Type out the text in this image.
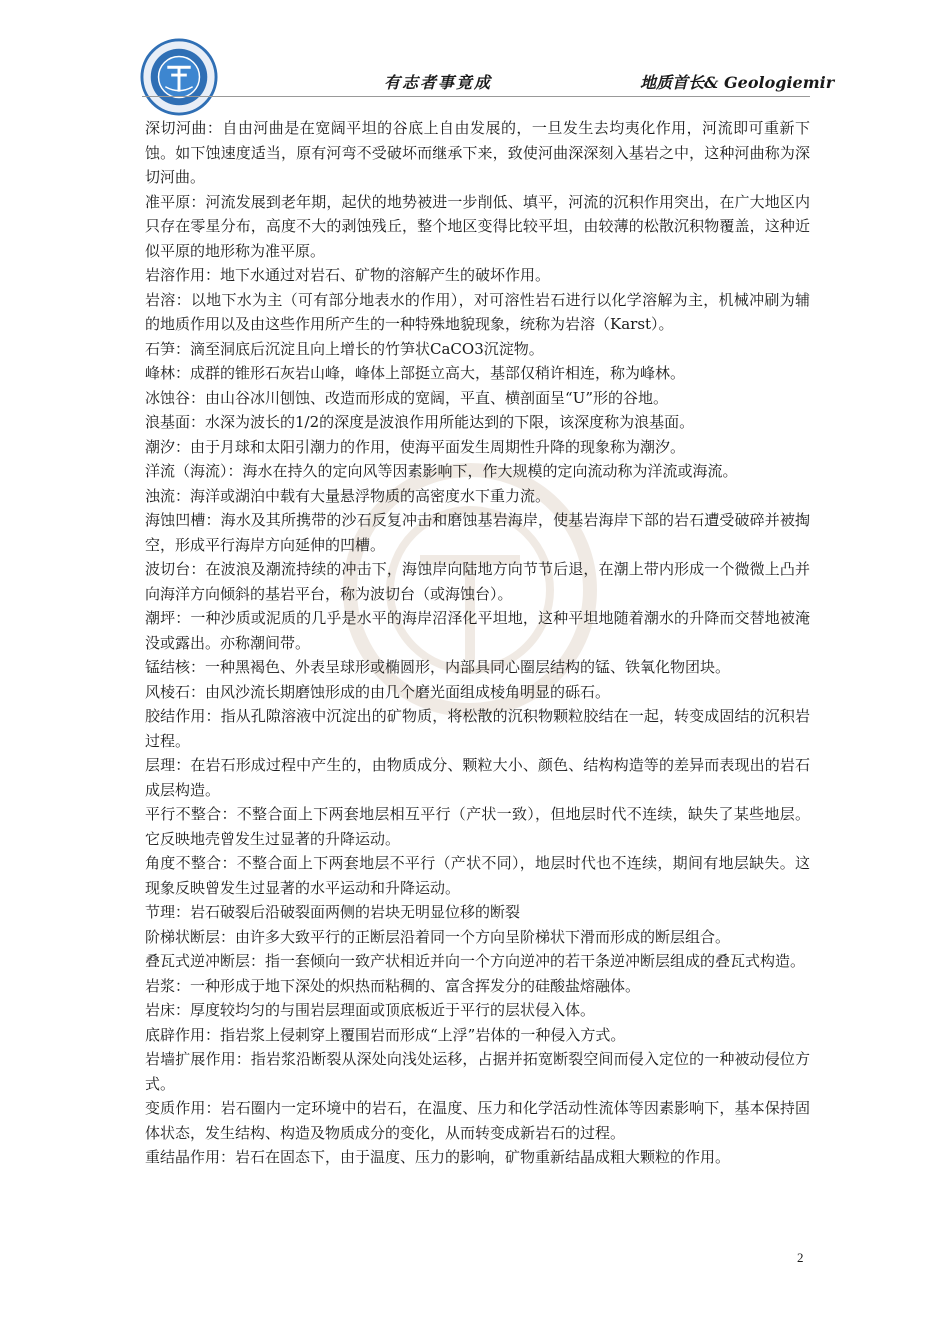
有志者事竟成	地质首长& Geologiemir

深切河曲：自由河曲是在宽阔平坦的谷底上自由发展的，一旦发生去均夷化作用，河流即可重新下蚀。如下蚀速度适当，原有河弯不受破坏而继承下来，致使河曲深深刻入基岩之中，这种河曲称为深切河曲。

准平原：河流发展到老年期，起伏的地势被进一步削低、填平，河流的沉积作用突出，在广大地区内只存在零星分布，高度不大的剥蚀残丘，整个地区变得比较平坦，由较薄的松散沉积物覆盖，这种近似平原的地形称为准平原。

岩溶作用：地下水通过对岩石、矿物的溶解产生的破坏作用。

岩溶：以地下水为主（可有部分地表水的作用），对可溶性岩石进行以化学溶解为主，机械冲刷为辅的地质作用以及由这些作用所产生的一种特殊地貌现象，统称为岩溶（Karst）。

石笋：滴至洞底后沉淀且向上增长的竹笋状CaCO3沉淀物。

峰林：成群的锥形石灰岩山峰，峰体上部挺立高大，基部仅稍许相连，称为峰林。

冰蚀谷：由山谷冰川刨蚀、改造而形成的宽阔，平直、横剖面呈“U”形的谷地。

浪基面：水深为波长的1/2的深度是波浪作用所能达到的下限，该深度称为浪基面。

潮汐：由于月球和太阳引潮力的作用，使海平面发生周期性升降的现象称为潮汐。

洋流（海流）：海水在持久的定向风等因素影响下，作大规模的定向流动称为洋流或海流。

浊流：海洋或湖泊中载有大量悬浮物质的高密度水下重力流。

海蚀凹槽：海水及其所携带的沙石反复冲击和磨蚀基岩海岸，使基岩海岸下部的岩石遭受破碎并被掏空，形成平行海岸方向延伸的凹槽。

波切台：在波浪及潮流持续的冲击下，海蚀岸向陆地方向节节后退，在潮上带内形成一个微微上凸并向海洋方向倾斜的基岩平台，称为波切台（或海蚀台）。

潮坪：一种沙质或泥质的几乎是水平的海岸沼泽化平坦地，这种平坦地随着潮水的升降而交替地被淹没或露出。亦称潮间带。

锰结核：一种黑褐色、外表呈球形或椭圆形，内部具同心圈层结构的锰、铁氧化物团块。

风棱石：由风沙流长期磨蚀形成的由几个磨光面组成棱角明显的砾石。

胶结作用：指从孔隙溶液中沉淀出的矿物质，将松散的沉积物颗粒胶结在一起，转变成固结的沉积岩过程。

层理：在岩石形成过程中产生的，由物质成分、颗粒大小、颜色、结构构造等的差异而表现出的岩石成层构造。

平行不整合：不整合面上下两套地层相互平行（产状一致），但地层时代不连续，缺失了某些地层。它反映地壳曾发生过显著的升降运动。

角度不整合：不整合面上下两套地层不平行（产状不同），地层时代也不连续，期间有地层缺失。这现象反映曾发生过显著的水平运动和升降运动。

节理：岩石破裂后沿破裂面两侧的岩块无明显位移的断裂

阶梯状断层：由许多大致平行的正断层沿着同一个方向呈阶梯状下滑而形成的断层组合。

叠瓦式逆冲断层：指一套倾向一致产状相近并向一个方向逆冲的若干条逆冲断层组成的叠瓦式构造。

岩浆：一种形成于地下深处的炽热而粘稠的、富含挥发分的硅酸盐熔融体。

岩床：厚度较均匀的与围岩层理面或顶底板近于平行的层状侵入体。

底辟作用：指岩浆上侵刺穿上覆围岩而形成“上浮”岩体的一种侵入方式。

岩墙扩展作用：指岩浆沿断裂从深处向浅处运移，占据并拓宽断裂空间而侵入定位的一种被动侵位方式。

变质作用：岩石圈内一定环境中的岩石，在温度、压力和化学活动性流体等因素影响下，基本保持固体状态，发生结构、构造及物质成分的变化，从而转变成新岩石的过程。

重结晶作用：岩石在固态下，由于温度、压力的影响，矿物重新结晶成粗大颗粒的作用。

2
